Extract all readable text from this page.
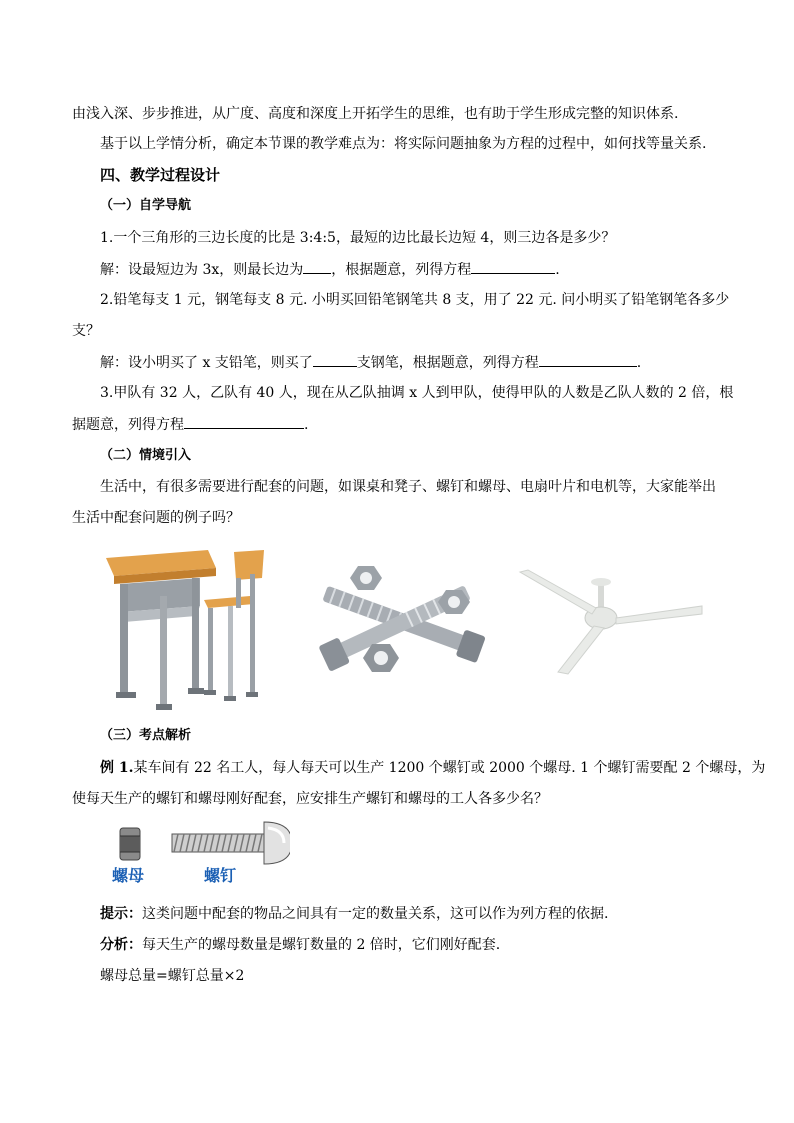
由浅入深、步步推进，从广度、高度和深度上开拓学生的思维，也有助于学生形成完整的知识体系.
基于以上学情分析，确定本节课的教学难点为：将实际问题抽象为方程的过程中，如何找等量关系.
四、教学过程设计
（一）自学导航
1.一个三角形的三边长度的比是 3:4:5，最短的边比最长边短 4，则三边各是多少？
解：设最短边为 3x，则最长边为 ，根据题意，列得方程	.
2.铅笔每支 1 元，钢笔每支 8 元. 小明买回铅笔钢笔共 8 支，用了 22 元. 问小明买了铅笔钢笔各多少
支？
解：设小明买了 x 支铅笔，则买了	支钢笔，根据题意，列得方程	.
3.甲队有 32 人，乙队有 40 人，现在从乙队抽调 x 人到甲队，使得甲队的人数是乙队人数的 2 倍，根
据题意，列得方程	.
（二）情境引入
生活中，有很多需要进行配套的问题，如课桌和凳子、螺钉和螺母、电扇叶片和电机等，大家能举出
生活中配套问题的例子吗？
（三）考点解析
例 1.某车间有 22 名工人，每人每天可以生产 1200 个螺钉或 2000 个螺母. 1 个螺钉需要配 2 个螺母，为
使每天生产的螺钉和螺母刚好配套，应安排生产螺钉和螺母的工人各多少名？
螺母	螺钉
提示：这类问题中配套的物品之间具有一定的数量关系，这可以作为列方程的依据.
分析：每天生产的螺母数量是螺钉数量的 2 倍时，它们刚好配套.
螺母总量=螺钉总量×2
